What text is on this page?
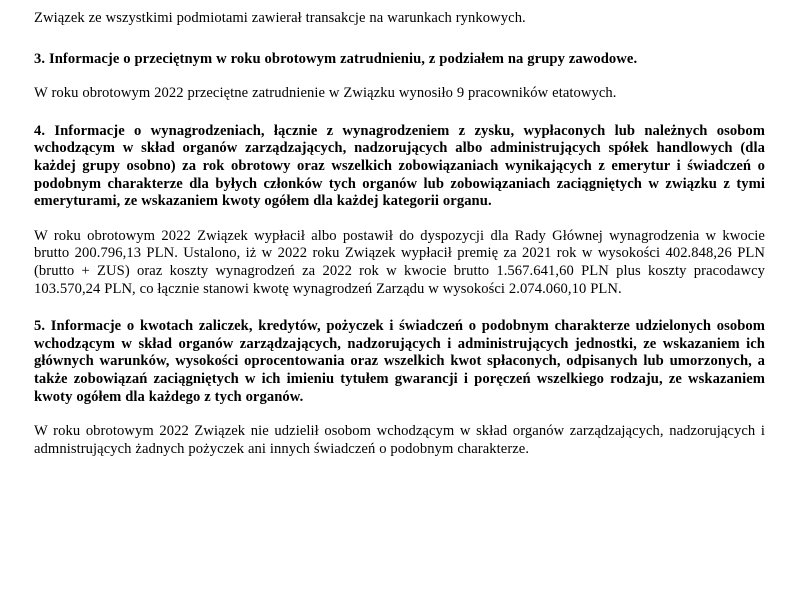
Związek ze wszystkimi podmiotami zawierał transakcje na warunkach rynkowych.

3. Informacje o przeciętnym w roku obrotowym zatrudnieniu, z podziałem na grupy zawodowe.

W roku obrotowym 2022 przeciętne zatrudnienie w Związku wynosiło 9 pracowników etatowych.

4. Informacje o wynagrodzeniach, łącznie z wynagrodzeniem z zysku, wypłaconych lub należnych osobom wchodzącym w skład organów zarządzających, nadzorujących albo administrujących spółek handlowych (dla każdej grupy osobno) za rok obrotowy oraz wszelkich zobowiązaniach wynikających z emerytur i świadczeń o podobnym charakterze dla byłych członków tych organów lub zobowiązaniach zaciągniętych w związku z tymi emeryturami, ze wskazaniem kwoty ogółem dla każdej kategorii organu.

W roku obrotowym 2022 Związek wypłacił albo postawił do dyspozycji dla Rady Głównej wynagrodzenia w kwocie brutto 200.796,13 PLN. Ustalono, iż w 2022 roku Związek wypłacił premię za 2021 rok w wysokości 402.848,26 PLN (brutto + ZUS) oraz koszty wynagrodzeń za 2022 rok w kwocie brutto 1.567.641,60 PLN plus koszty pracodawcy 103.570,24 PLN, co łącznie stanowi kwotę wynagrodzeń Zarządu w wysokości 2.074.060,10 PLN.

5. Informacje o kwotach zaliczek, kredytów, pożyczek i świadczeń o podobnym charakterze udzielonych osobom wchodzącym w skład organów zarządzających, nadzorujących i administrujących jednostki, ze wskazaniem ich głównych warunków, wysokości oprocentowania oraz wszelkich kwot spłaconych, odpisanych lub umorzonych, a także zobowiązań zaciągniętych w ich imieniu tytułem gwarancji i poręczeń wszelkiego rodzaju, ze wskazaniem kwoty ogółem dla każdego z tych organów.

W roku obrotowym 2022 Związek nie udzielił osobom wchodzącym w skład organów zarządzających, nadzorujących i admnistrujących żadnych pożyczek ani innych świadczeń o podobnym charakterze.
